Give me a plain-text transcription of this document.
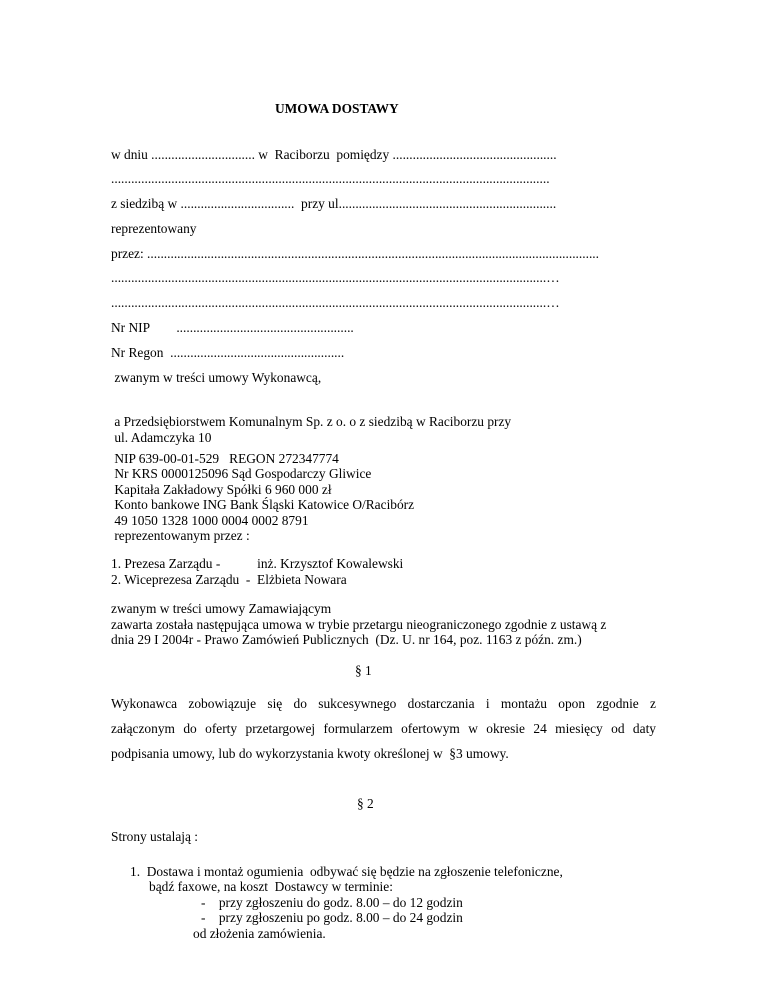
UMOWA DOSTAWY
w dniu ............................... w  Raciborzu  pomiędzy .................................................
...................................................................................................................................
z siedzibą w ..................................  przy ul.................................................................
reprezentowany
przez: .......................................................................................................................................
..................................................................................................................................…
..................................................................................................................................…
Nr NIP        .....................................................
Nr Regon  ....................................................
zwanym w treści umowy Wykonawcą,
a Przedsiębiorstwem Komunalnym Sp. z o. o z siedzibą w Raciborzu przy
ul. Adamczyka 10
NIP 639-00-01-529   REGON 272347774
Nr KRS 0000125096 Sąd Gospodarczy Gliwice
Kapitała Zakładowy Spółki 6 960 000 zł
Konto bankowe ING Bank Śląski Katowice O/Racibórz
49 1050 1328 1000 0004 0002 8791
reprezentowanym przez :
1. Prezesa Zarządu -           inż. Krzysztof Kowalewski
2. Wiceprezesa Zarządu  -  Elżbieta Nowara
zwanym w treści umowy Zamawiającym
zawarta została następująca umowa w trybie przetargu nieograniczonego zgodnie z ustawą z
dnia 29 I 2004r - Prawo Zamówień Publicznych  (Dz. U. nr 164, poz. 1163 z późn. zm.)
§ 1
Wykonawca zobowiązuje się do sukcesywnego dostarczania i montażu opon zgodnie z
załączonym do oferty przetargowej formularzem ofertowym w okresie 24 miesięcy od daty
podpisania umowy, lub do wykorzystania kwoty określonej w  §3 umowy.
§ 2
Strony ustalają :
1.  Dostawa i montaż ogumienia  odbywać się będzie na zgłoszenie telefoniczne,
bądź faxowe, na koszt  Dostawcy w terminie:
-    przy zgłoszeniu do godz. 8.00 – do 12 godzin
-    przy zgłoszeniu po godz. 8.00 – do 24 godzin
od złożenia zamówienia.
